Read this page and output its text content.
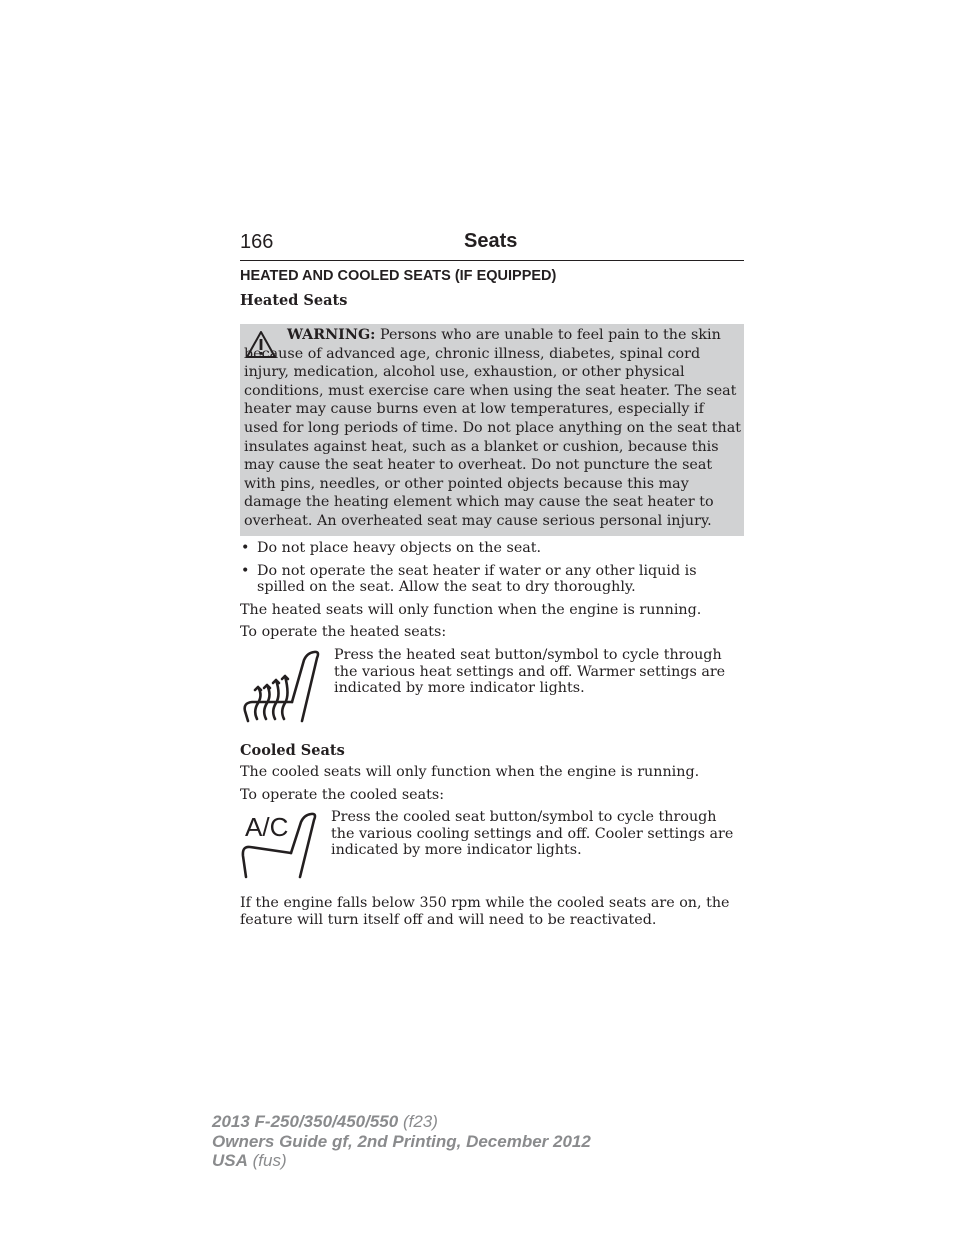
166	Seats
HEATED AND COOLED SEATS (IF EQUIPPED)
Heated Seats

WARNING: Persons who are unable to feel pain to the skin because of advanced age, chronic illness, diabetes, spinal cord injury, medication, alcohol use, exhaustion, or other physical conditions, must exercise care when using the seat heater. The seat heater may cause burns even at low temperatures, especially if used for long periods of time. Do not place anything on the seat that insulates against heat, such as a blanket or cushion, because this may cause the seat heater to overheat. Do not puncture the seat with pins, needles, or other pointed objects because this may damage the heating element which may cause the seat heater to overheat. An overheated seat may cause serious personal injury.

• Do not place heavy objects on the seat.
• Do not operate the seat heater if water or any other liquid is spilled on the seat. Allow the seat to dry thoroughly.

The heated seats will only function when the engine is running.

To operate the heated seats:

Press the heated seat button/symbol to cycle through the various heat settings and off. Warmer settings are indicated by more indicator lights.

Cooled Seats

The cooled seats will only function when the engine is running.

To operate the cooled seats:

A/C	Press the cooled seat button/symbol to cycle through the various cooling settings and off. Cooler settings are indicated by more indicator lights.

If the engine falls below 350 rpm while the cooled seats are on, the feature will turn itself off and will need to be reactivated.

2013 F-250/350/450/550 (f23)
Owners Guide gf, 2nd Printing, December 2012
USA (fus)
